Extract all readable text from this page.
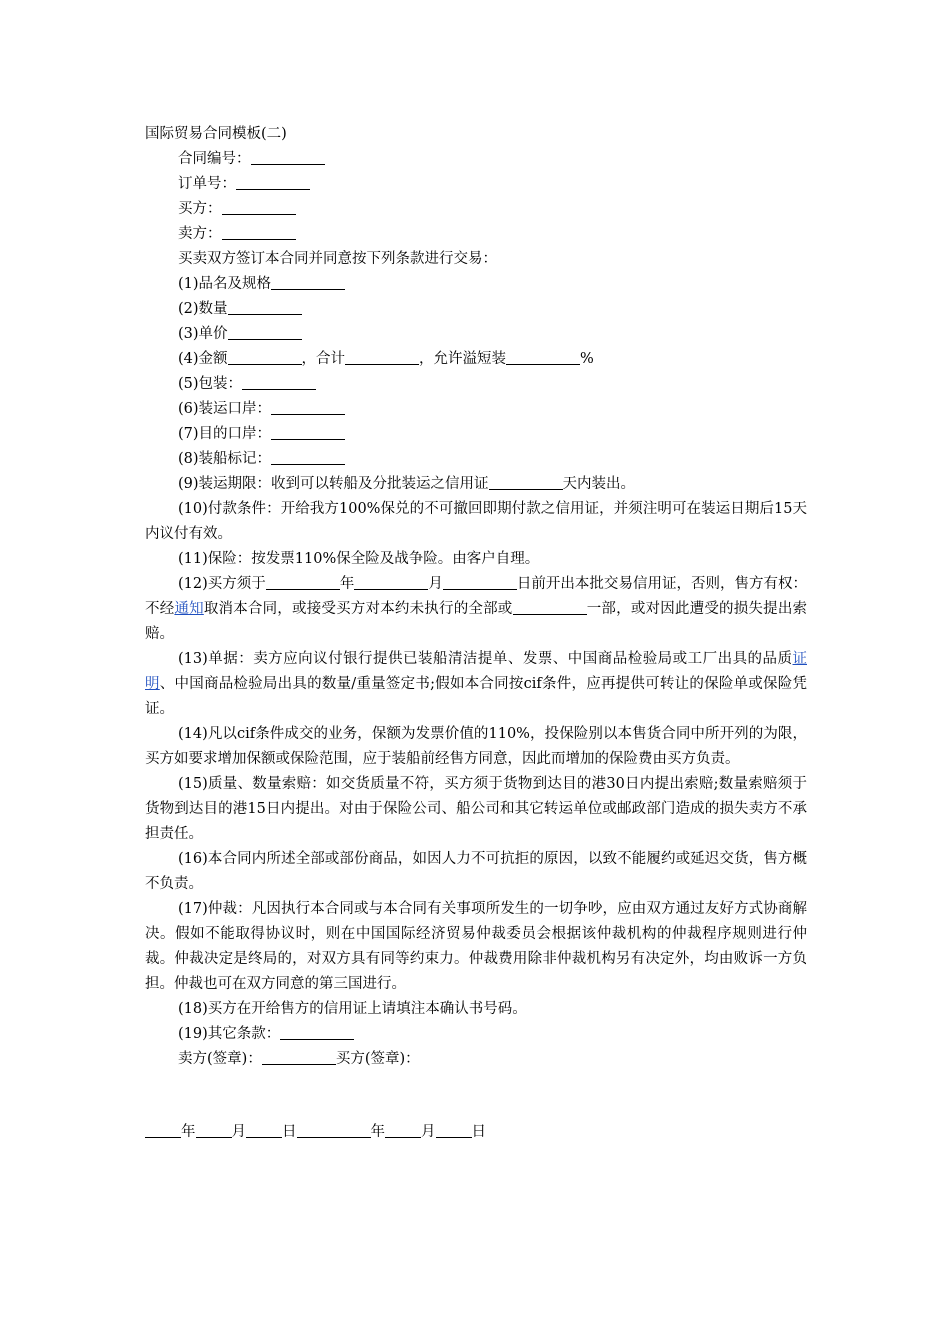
国际贸易合同模板(二)
合同编号：
订单号：
买方：
卖方：
买卖双方签订本合同并同意按下列条款进行交易：
(1)品名及规格
(2)数量
(3)单价
(4)金额	，合计	，允许溢短装	%
(5)包装：
(6)装运口岸：
(7)目的口岸：
(8)装船标记：
(9)装运期限：收到可以转船及分批装运之信用证	天内装出。
(10)付款条件：开给我方100%保兑的不可撤回即期付款之信用证，并须注明可在装运日期后15天内议付有效。
(11)保险：按发票110%保全险及战争险。由客户自理。
(12)买方须于	年	月	日前开出本批交易信用证，否则，售方有权：不经通知取消本合同，或接受买方对本约未执行的全部或	一部，或对因此遭受的损失提出索赔。
(13)单据：卖方应向议付银行提供已装船清洁提单、发票、中国商品检验局或工厂出具的品质证明、中国商品检验局出具的数量/重量签定书;假如本合同按cif条件，应再提供可转让的保险单或保险凭证。
(14)凡以cif条件成交的业务，保额为发票价值的110%，投保险别以本售货合同中所开列的为限，买方如要求增加保额或保险范围，应于装船前经售方同意，因此而增加的保险费由买方负责。
(15)质量、数量索赔：如交货质量不符，买方须于货物到达目的港30日内提出索赔;数量索赔须于货物到达目的港15日内提出。对由于保险公司、船公司和其它转运单位或邮政部门造成的损失卖方不承担责任。
(16)本合同内所述全部或部份商品，如因人力不可抗拒的原因，以致不能履约或延迟交货，售方概不负责。
(17)仲裁：凡因执行本合同或与本合同有关事项所发生的一切争吵，应由双方通过友好方式协商解决。假如不能取得协议时，则在中国国际经济贸易仲裁委员会根据该仲裁机构的仲裁程序规则进行仲裁。仲裁决定是终局的，对双方具有同等约束力。仲裁费用除非仲裁机构另有决定外，均由败诉一方负担。仲裁也可在双方同意的第三国进行。
(18)买方在开给售方的信用证上请填注本确认书号码。
(19)其它条款：
卖方(签章)：	买方(签章)：
年 月 日	年 月 日
